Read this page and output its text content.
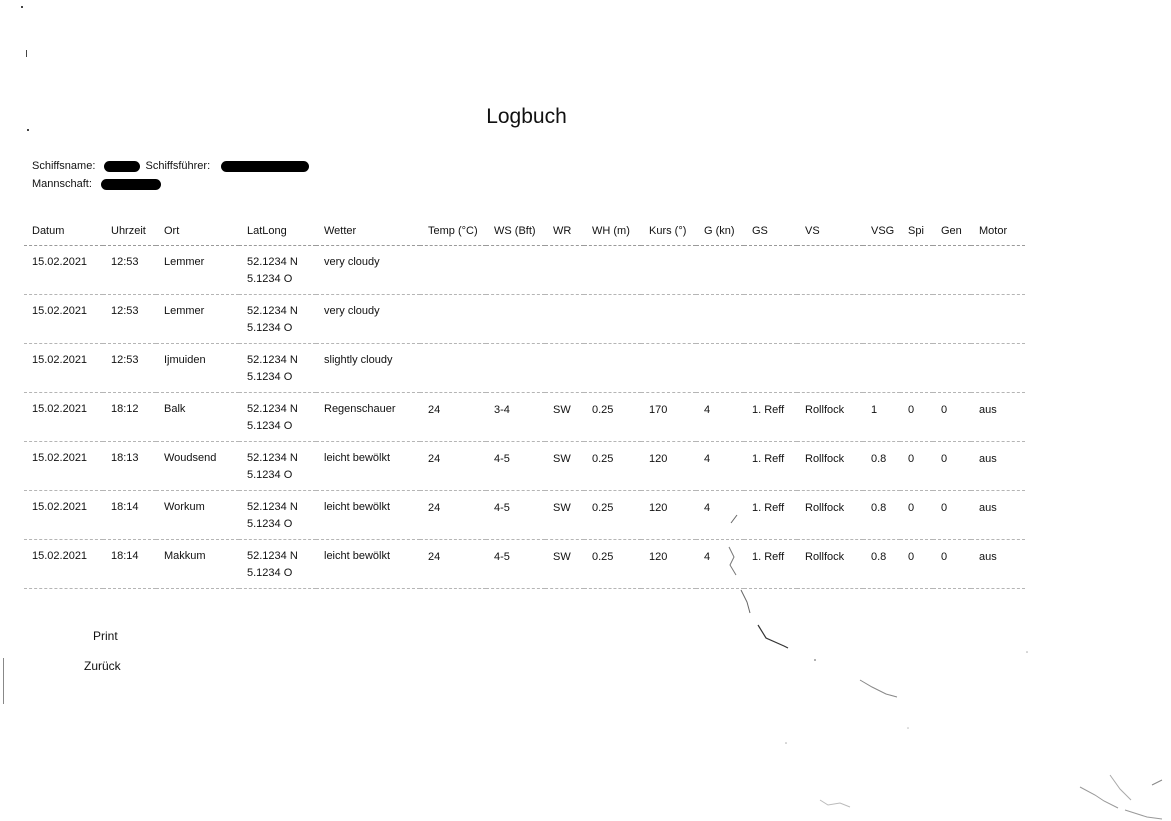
Logbuch
Schiffsname:	Schiffsführer:
Mannschaft:
Datum	Uhrzeit	Ort	LatLong	Wetter	Temp (°C)	WS (Bft)	WR	WH (m)	Kurs (°)	G (kn)	GS	VS	VSG	Spi	Gen	Motor
15.02.2021	12:53	Lemmer	52.1234 N
5.1234 O	very cloudy												
15.02.2021	12:53	Lemmer	52.1234 N
5.1234 O	very cloudy												
15.02.2021	12:53	Ijmuiden	52.1234 N
5.1234 O	slightly cloudy												
15.02.2021	18:12	Balk	52.1234 N
5.1234 O	Regenschauer	24	3-4	SW	0.25	170	4	1. Reff	Rollfock	1	0	0	aus
15.02.2021	18:13	Woudsend	52.1234 N
5.1234 O	leicht bewölkt	24	4-5	SW	0.25	120	4	1. Reff	Rollfock	0.8	0	0	aus
15.02.2021	18:14	Workum	52.1234 N
5.1234 O	leicht bewölkt	24	4-5	SW	0.25	120	4	1. Reff	Rollfock	0.8	0	0	aus
15.02.2021	18:14	Makkum	52.1234 N
5.1234 O	leicht bewölkt	24	4-5	SW	0.25	120	4	1. Reff	Rollfock	0.8	0	0	aus
Print
Zurück
